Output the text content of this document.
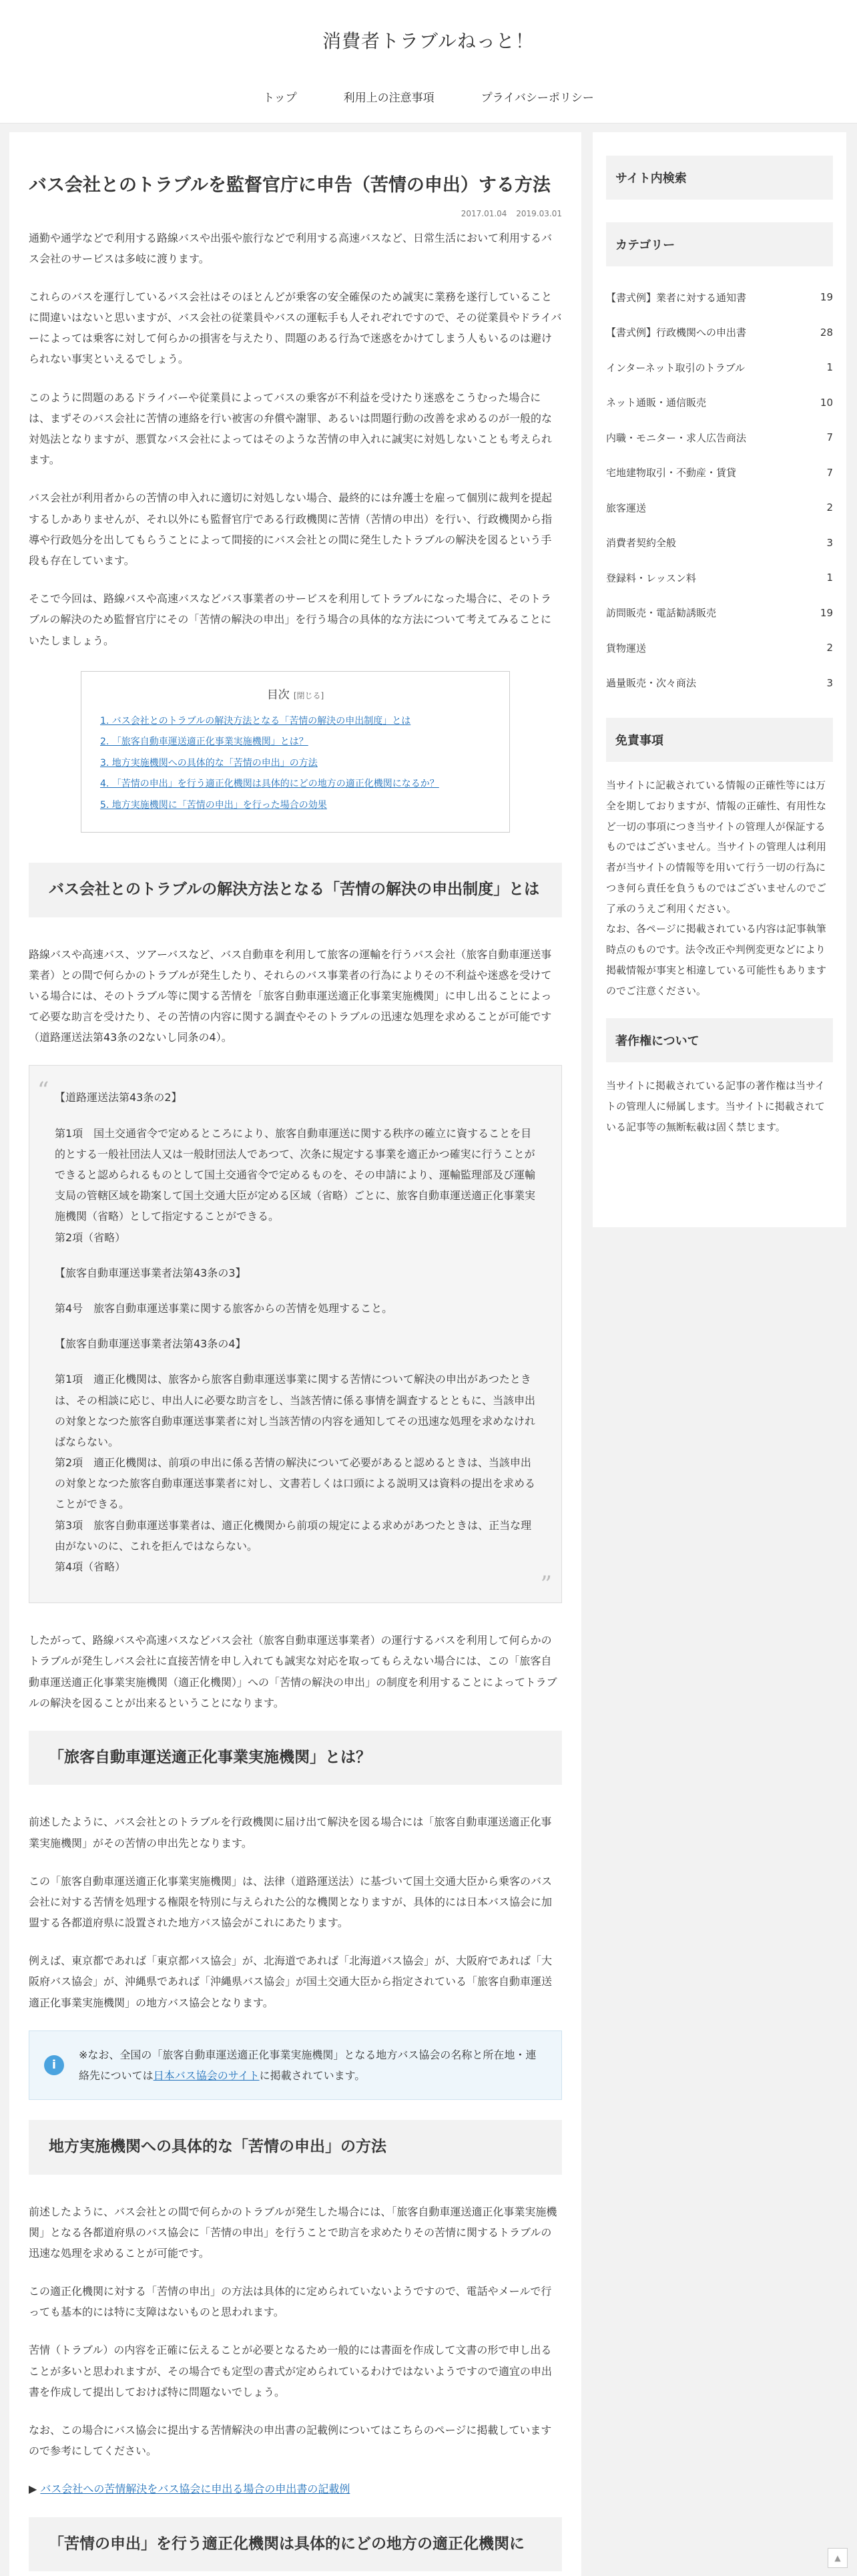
消費者トラブルねっと！
トップ	利用上の注意事項	プライバシーポリシー
バス会社とのトラブルを監督官庁に申告（苦情の申出）する方法
2017.01.04 2019.03.01

通勤や通学などで利用する路線バスや出張や旅行などで利用する高速バスなど、日常生活において利用するバス会社のサービスは多岐に渡ります。

これらのバスを運行しているバス会社はそのほとんどが乗客の安全確保のため誠実に業務を遂行していることに間違いはないと思いますが、バス会社の従業員やバスの運転手も人それぞれですので、その従業員やドライバーによっては乗客に対して何らかの損害を与えたり、問題のある行為で迷惑をかけてしまう人もいるのは避けられない事実といえるでしょう。

このように問題のあるドライバーや従業員によってバスの乗客が不利益を受けたり迷惑をこうむった場合には、まずそのバス会社に苦情の連絡を行い被害の弁償や謝罪、あるいは問題行動の改善を求めるのが一般的な対処法となりますが、悪質なバス会社によってはそのような苦情の申入れに誠実に対処しないことも考えられます。

バス会社が利用者からの苦情の申入れに適切に対処しない場合、最終的には弁護士を雇って個別に裁判を提起するしかありませんが、それ以外にも監督官庁である行政機関に苦情（苦情の申出）を行い、行政機関から指導や行政処分を出してもらうことによって間接的にバス会社との間に発生したトラブルの解決を図るという手段も存在しています。

そこで今回は、路線バスや高速バスなどバス事業者のサービスを利用してトラブルになった場合に、そのトラブルの解決のため監督官庁にその「苦情の解決の申出」を行う場合の具体的な方法について考えてみることにいたしましょう。

目次 [閉じる]
1. バス会社とのトラブルの解決方法となる「苦情の解決の申出制度」とは
2. 「旅客自動車運送適正化事業実施機関」とは？
3. 地方実施機関への具体的な「苦情の申出」の方法
4. 「苦情の申出」を行う適正化機関は具体的にどの地方の適正化機関になるか？
5. 地方実施機関に「苦情の申出」を行った場合の効果
バス会社とのトラブルの解決方法となる「苦情の解決の申出制度」とは

路線バスや高速バス、ツアーバスなど、バス自動車を利用して旅客の運輸を行うバス会社（旅客自動車運送事業者）との間で何らかのトラブルが発生したり、それらのバス事業者の行為によりその不利益や迷惑を受けている場合には、そのトラブル等に関する苦情を「旅客自動車運送適正化事業実施機関」に申し出ることによって必要な助言を受けたり、その苦情の内容に関する調査やそのトラブルの迅速な処理を求めることが可能です（道路運送法第43条の2ないし同条の4）。

“ 【道路運送法第43条の2】

第1項　国土交通省令で定めるところにより、旅客自動車運送に関する秩序の確立に資することを目的とする一般社団法人又は一般財団法人であつて、次条に規定する事業を適正かつ確実に行うことができると認められるものとして国土交通省令で定めるものを、その申請により、運輸監理部及び運輸支局の管轄区域を勘案して国土交通大臣が定める区域（省略）ごとに、旅客自動車運送適正化事業実施機関（省略）として指定することができる。

第2項（省略）

【旅客自動車運送事業者法第43条の3】

第4号　旅客自動車運送事業に関する旅客からの苦情を処理すること。

【旅客自動車運送事業者法第43条の4】

第1項　適正化機関は、旅客から旅客自動車運送事業に関する苦情について解決の申出があつたときは、その相談に応じ、申出人に必要な助言をし、当該苦情に係る事情を調査するとともに、当該申出の対象となつた旅客自動車運送事業者に対し当該苦情の内容を通知してその迅速な処理を求めなければならない。

第2項　適正化機関は、前項の申出に係る苦情の解決について必要があると認めるときは、当該申出の対象となつた旅客自動車運送事業者に対し、文書若しくは口頭による説明又は資料の提出を求めることができる。

第3項　旅客自動車運送事業者は、適正化機関から前項の規定による求めがあつたときは、正当な理由がないのに、これを拒んではならない。

第4項（省略）

”

したがって、路線バスや高速バスなどバス会社（旅客自動車運送事業者）の運行するバスを利用して何らかのトラブルが発生しバス会社に直接苦情を申し入れても誠実な対応を取ってもらえない場合には、この「旅客自動車運送適正化事業実施機関（適正化機関）」への「苦情の解決の申出」の制度を利用することによってトラブルの解決を図ることが出来るということになります。

「旅客自動車運送適正化事業実施機関」とは？

前述したように、バス会社とのトラブルを行政機関に届け出て解決を図る場合には「旅客自動車運送適正化事業実施機関」がその苦情の申出先となります。

この「旅客自動車運送適正化事業実施機関」は、法律（道路運送法）に基づいて国土交通大臣から乗客のバス会社に対する苦情を処理する権限を特別に与えられた公的な機関となりますが、具体的には日本バス協会に加盟する各都道府県に設置された地方バス協会がこれにあたります。

例えば、東京都であれば「東京都バス協会」が、北海道であれば「北海道バス協会」が、大阪府であれば「大阪府バス協会」が、沖縄県であれば「沖縄県バス協会」が国土交通大臣から指定されている「旅客自動車運送適正化事業実施機関」の地方バス協会となります。

i
※なお、全国の「旅客自動車運送適正化事業実施機関」となる地方バス協会の名称と所在地・連絡先については日本バス協会のサイトに掲載されています。
地方実施機関への具体的な「苦情の申出」の方法

前述したように、バス会社との間で何らかのトラブルが発生した場合には、「旅客自動車運送適正化事業実施機関」となる各都道府県のバス協会に「苦情の申出」を行うことで助言を求めたりその苦情に関するトラブルの迅速な処理を求めることが可能です。

この適正化機関に対する「苦情の申出」の方法は具体的に定められていないようですので、電話やメールで行っても基本的には特に支障はないものと思われます。

苦情（トラブル）の内容を正確に伝えることが必要となるため一般的には書面を作成して文書の形で申し出ることが多いと思われますが、その場合でも定型の書式が定められているわけではないようですので適宜の申出書を作成して提出しておけば特に問題ないでしょう。

なお、この場合にバス協会に提出する苦情解決の申出書の記載例についてはこちらのページに掲載していますので参考にしてください。

▶ バス会社への苦情解決をバス協会に申出る場合の申出書の記載例

「苦情の申出」を行う適正化機関は具体的にどの地方の適正化機関に
サイト内検索
カテゴリー
【書式例】業者に対する通知書	19
【書式例】行政機関への申出書	28
インターネット取引のトラブル	1
ネット通販・通信販売	10
内職・モニター・求人広告商法	7
宅地建物取引・不動産・賃貸	7
旅客運送	2
消費者契約全般	3
登録料・レッスン料	1
訪問販売・電話勧誘販売	19
貨物運送	2
過量販売・次々商法	3
免責事項

当サイトに記載されている情報の正確性等には万全を期しておりますが、情報の正確性、有用性など一切の事項につき当サイトの管理人が保証するものではございません。当サイトの管理人は利用者が当サイトの情報等を用いて行う一切の行為につき何ら責任を負うものではございませんのでご了承のうえご利用ください。

なお、各ページに掲載されている内容は記事執筆時点のものです。法令改正や判例変更などにより掲載情報が事実と相違している可能性もありますのでご注意ください。

著作権について

当サイトに掲載されている記事の著作権は当サイトの管理人に帰属します。当サイトに掲載されている記事等の無断転載は固く禁じます。

▲
